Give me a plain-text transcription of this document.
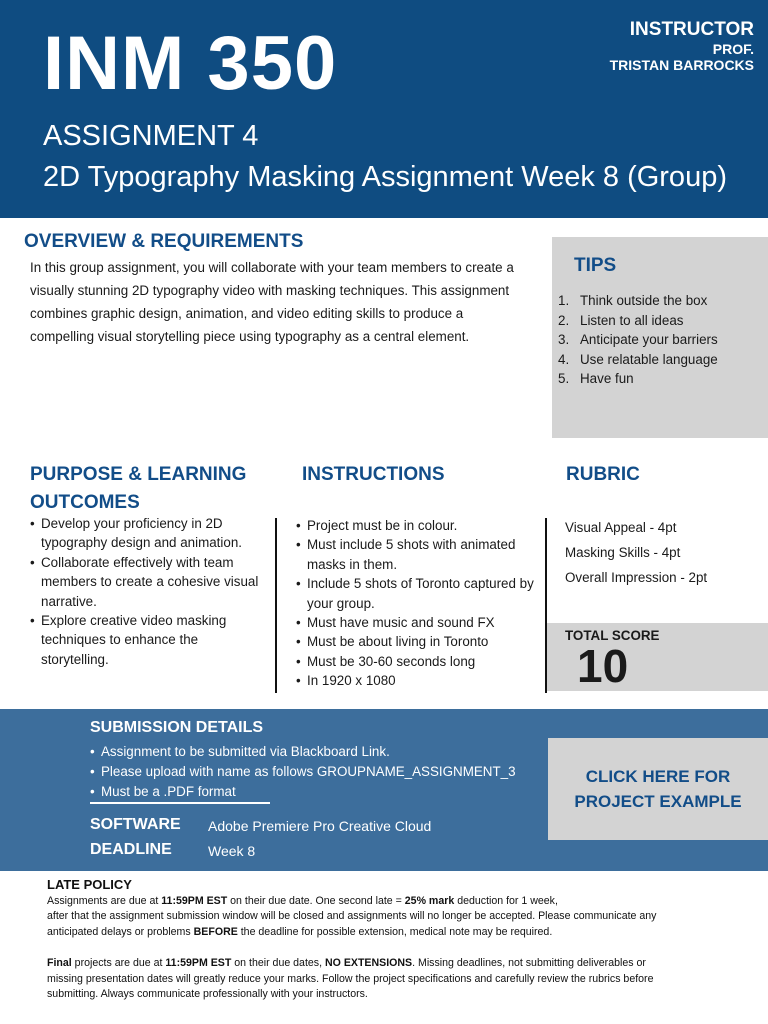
INM 350
ASSIGNMENT 4
2D Typography Masking Assignment Week 8 (Group)
INSTRUCTOR
PROF.
TRISTAN BARROCKS
OVERVIEW & REQUIREMENTS
In this group assignment, you will collaborate with your team members to create a
visually stunning 2D typography video with masking techniques. This assignment
combines graphic design, animation, and video editing skills to produce a
compelling visual storytelling piece using typography as a central element.
TIPS
1. Think outside the box
2. Listen to all ideas
3. Anticipate your barriers
4. Use relatable language
5. Have fun
PURPOSE & LEARNING
OUTCOMES
• Develop your proficiency in 2D
typography design and animation.
• Collaborate effectively with team
members to create a cohesive visual
narrative.
• Explore creative video masking
techniques to enhance the
storytelling.
INSTRUCTIONS
• Project must be in colour.
• Must include 5 shots with animated
masks in them.
• Include 5 shots of Toronto captured by
your group.
• Must have music and sound FX
• Must be about living in Toronto
• Must be 30-60 seconds long
• In 1920 x 1080
RUBRIC
Visual Appeal - 4pt
Masking Skills - 4pt
Overall Impression - 2pt
TOTAL SCORE
10
SUBMISSION DETAILS
• Assignment to be submitted via Blackboard Link.
• Please upload with name as follows GROUPNAME_ASSIGNMENT_3
• Must be a .PDF format
SOFTWARE Adobe Premiere Pro Creative Cloud
DEADLINE	Week 8
CLICK HERE FOR
PROJECT EXAMPLE
LATE POLICY

Assignments are due at 11:59PM EST on their due date. One second late = 25% mark deduction for 1 week,
after that the assignment submission window will be closed and assignments will no longer be accepted. Please communicate any
anticipated delays or problems BEFORE the deadline for possible extension, medical note may be required.

Final projects are due at 11:59PM EST on their due dates, NO EXTENSIONS. Missing deadlines, not submitting deliverables or
missing presentation dates will greatly reduce your marks. Follow the project specifications and carefully review the rubrics before
submitting. Always communicate professionally with your instructors.
